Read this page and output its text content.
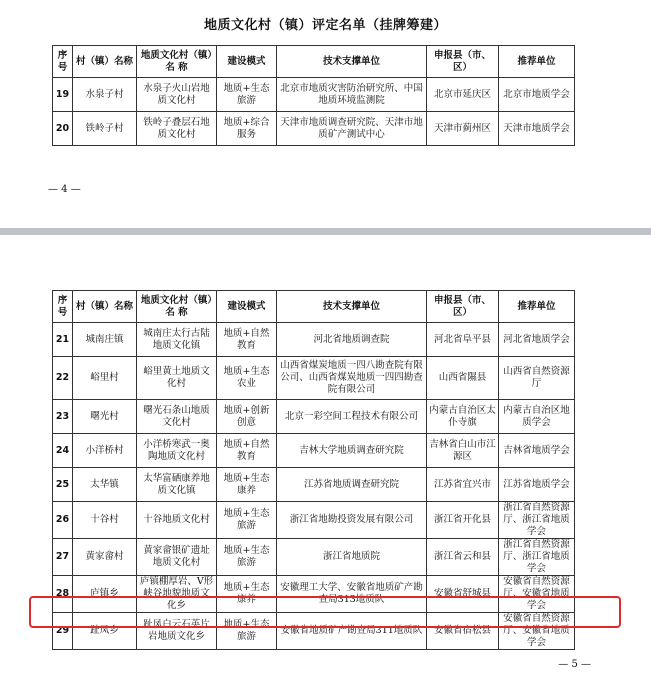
地质文化村（镇）评定名单（挂牌筹建）
序号	村（镇）名称	地质文化村（镇）名 称	建设模式	技术支撑单位	申报县（市、区）	推荐单位
19	水泉子村	水泉子火山岩地质文化村	地质+生态旅游	北京市地质灾害防治研究所、中国地质环境监测院	北京市延庆区	北京市地质学会
20	铁岭子村	铁岭子叠层石地质文化村	地质+综合服务	天津市地质调查研究院、天津市地质矿产测试中心	天津市蓟州区	天津市地质学会
— 4 —
序号	村（镇）名称	地质文化村（镇）名 称	建设模式	技术支撑单位	申报县（市、区）	推荐单位
21	城南庄镇	城南庄太行古陆地质文化镇	地质+自然教育	河北省地质调查院	河北省阜平县	河北省地质学会
22	峪里村	峪里黄土地质文化村	地质+生态农业	山西省煤炭地质一四八勘查院有限公司、山西省煤炭地质一四四勘查院有限公司	山西省隰县	山西省自然资源厅
23	曙光村	曙光石条山地质文化村	地质+创新创意	北京一彩空间工程技术有限公司	内蒙古自治区太仆寺旗	内蒙古自治区地质学会
24	小洋桥村	小洋桥寒武一奥陶地质文化村	地质+自然教育	吉林大学地质调查研究院	吉林省白山市江源区	吉林省地质学会
25	太华镇	太华富硒康养地质文化镇	地质+生态康养	江苏省地质调查研究院	江苏省宜兴市	江苏省地质学会
26	十谷村	十谷地质文化村	地质+生态旅游	浙江省地勘投资发展有限公司	浙江省开化县	浙江省自然资源厅、浙江省地质学会
27	黄家畲村	黄家畲银矿遗址地质文化村	地质+生态旅游	浙江省地质院	浙江省云和县	浙江省自然资源厅、浙江省地质学会
28	庐镇乡	庐镇棚厚岩、V形峡谷地貌地质文化乡	地质+生态康养	安徽理工大学、安徽省地质矿产勘查局313地质队	安徽省舒城县	安徽省自然资源厅、安徽省地质学会
29	趾凤乡	趾凤白云石英片岩地质文化乡	地质+生态旅游	安徽省地质矿产勘查局311地质队	安徽省宿松县	安徽省自然资源厅、安徽省地质学会
— 5 —
